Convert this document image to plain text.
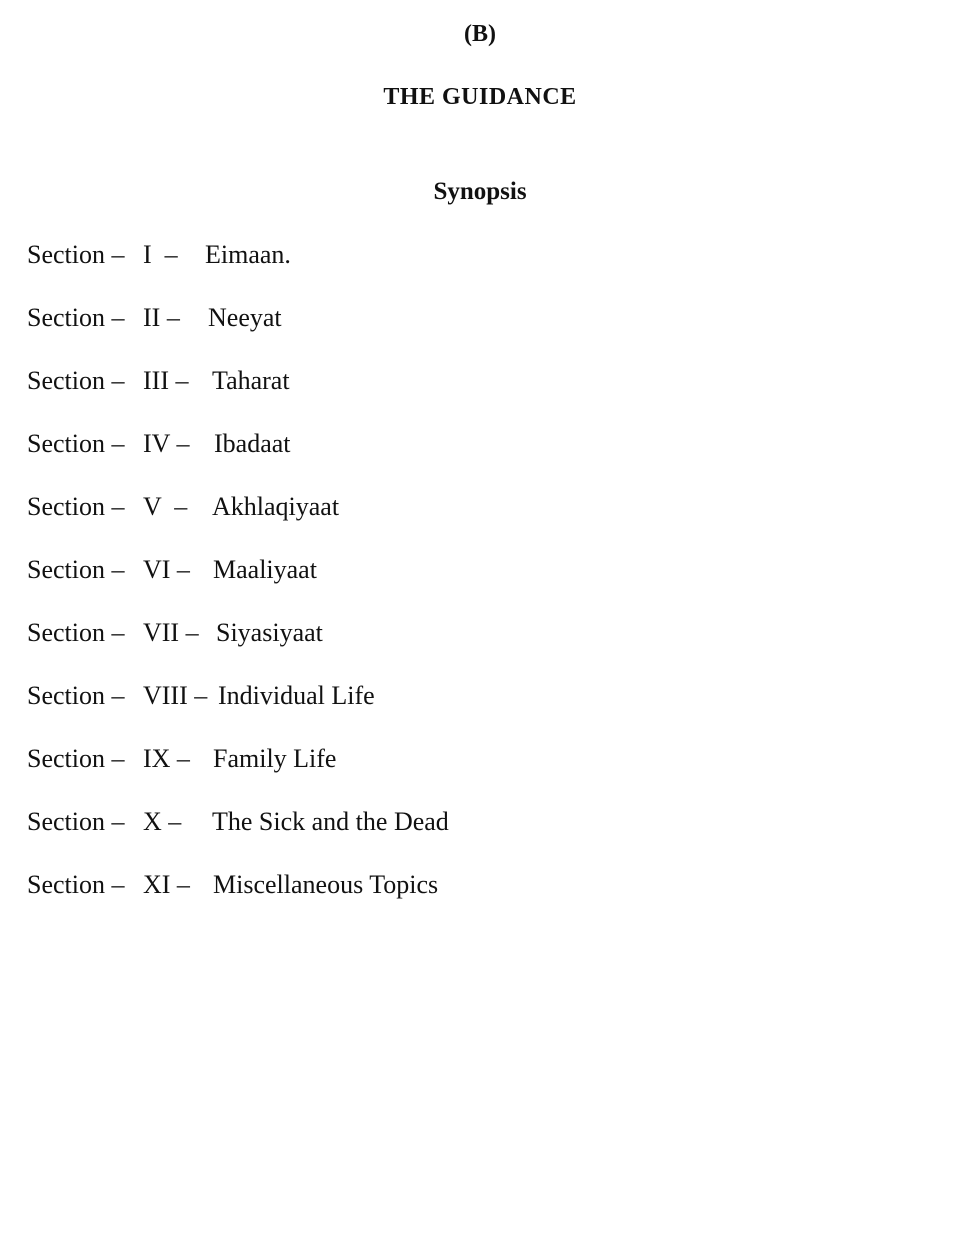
(B)
THE GUIDANCE
Synopsis
Section – I  – Eimaan.
Section – II – Neeyat
Section – III – Taharat
Section – IV – Ibadaat
Section – V  – Akhlaqiyaat
Section – VI – Maaliyaat
Section – VII – Siyasiyaat
Section – VIII – Individual Life
Section – IX – Family Life
Section – X – The Sick and the Dead
Section – XI – Miscellaneous Topics
